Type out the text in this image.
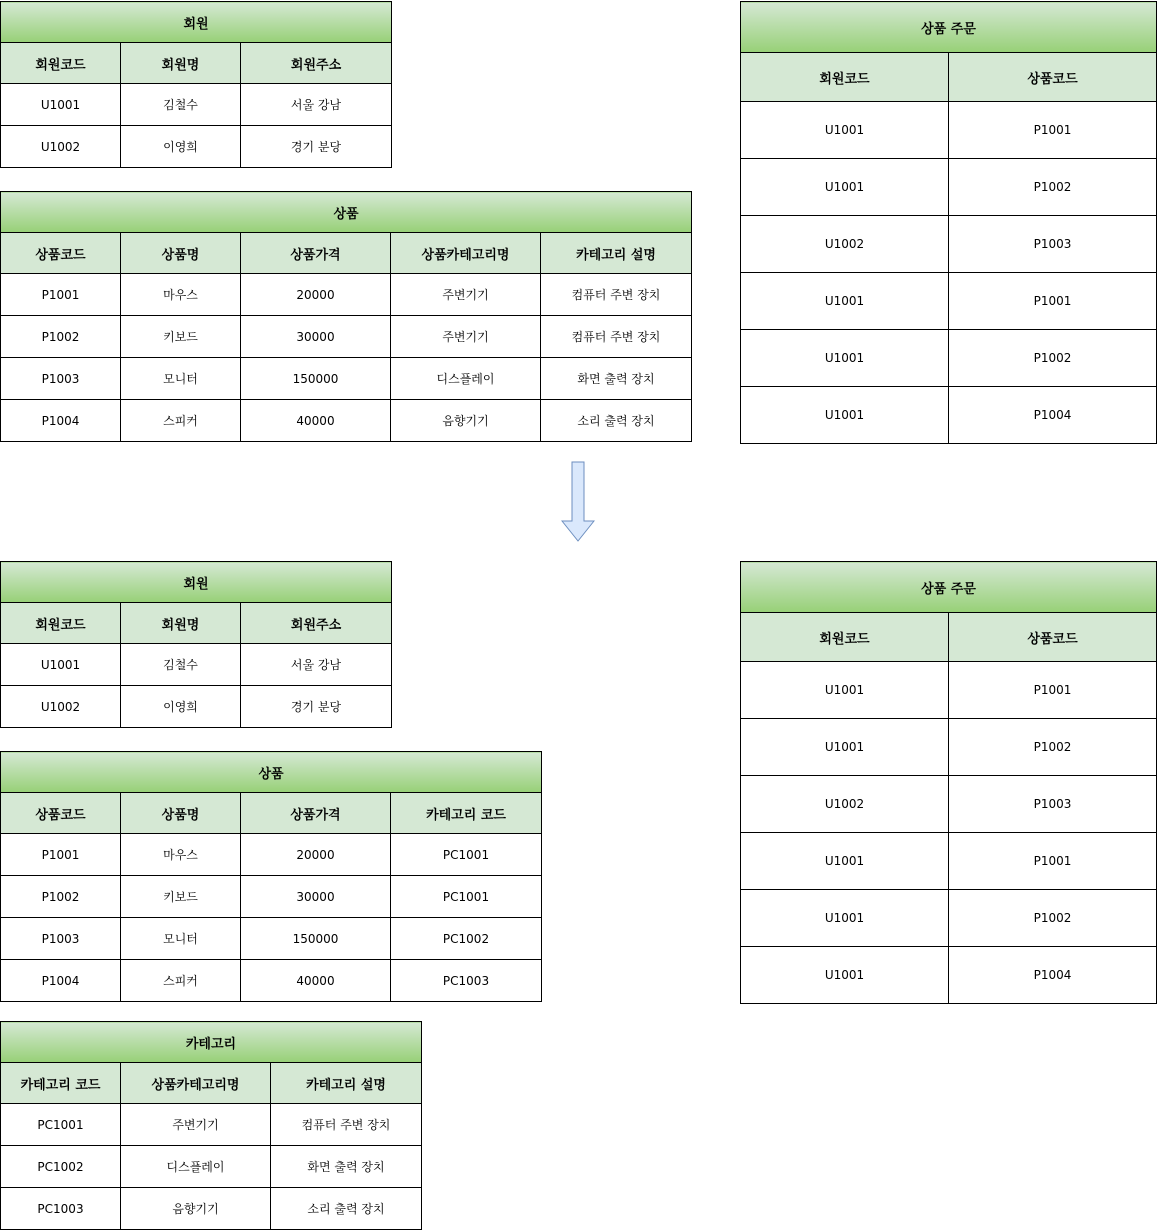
회원		
회원코드	회원명	회원주소
U1001	김철수	서울 강남
U1002	이영희	경기 분당
상품				
상품코드	상품명	상품가격	상품카테고리명	카테고리 설명
P1001	마우스	20000	주변기기	컴퓨터 주변 장치
P1002	키보드	30000	주변기기	컴퓨터 주변 장치
P1003	모니터	150000	디스플레이	화면 출력 장치
P1004	스피커	40000	음향기기	소리 출력 장치
상품 주문	
회원코드	상품코드
U1001	P1001
U1001	P1002
U1002	P1003
U1001	P1001
U1001	P1002
U1001	P1004
회원		
회원코드	회원명	회원주소
U1001	김철수	서울 강남
U1002	이영희	경기 분당
상품			
상품코드	상품명	상품가격	카테고리 코드
P1001	마우스	20000	PC1001
P1002	키보드	30000	PC1001
P1003	모니터	150000	PC1002
P1004	스피커	40000	PC1003
상품 주문	
회원코드	상품코드
U1001	P1001
U1001	P1002
U1002	P1003
U1001	P1001
U1001	P1002
U1001	P1004
카테고리		
카테고리 코드	상품카테고리명	카테고리 설명
PC1001	주변기기	컴퓨터 주변 장치
PC1002	디스플레이	화면 출력 장치
PC1003	음향기기	소리 출력 장치
